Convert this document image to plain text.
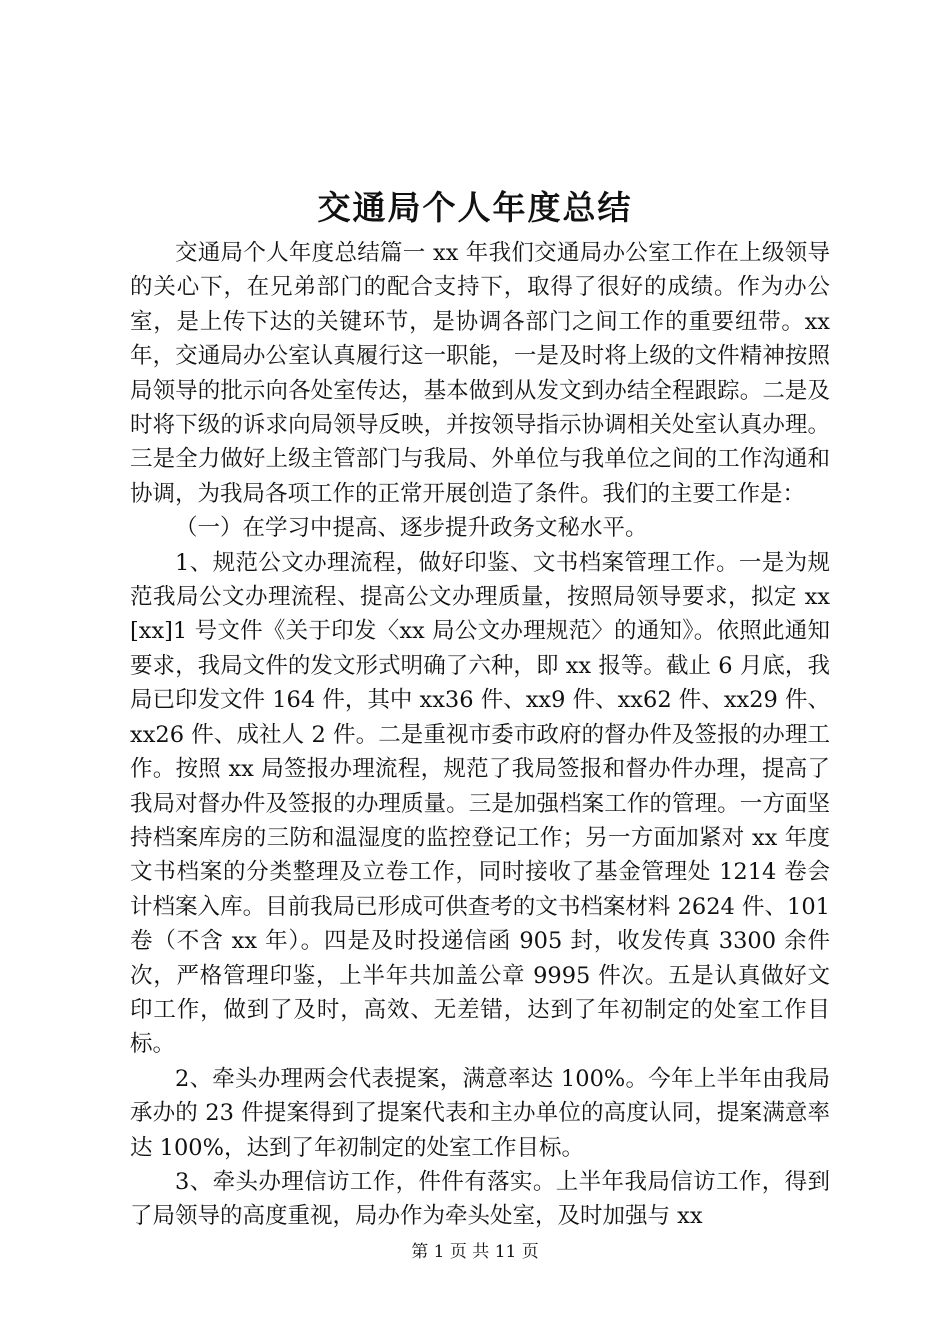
交通局个人年度总结

交通局个人年度总结篇一 xx 年我们交通局办公室工作在上级领导的关心下，在兄弟部门的配合支持下，取得了很好的成绩。作为办公室，是上传下达的关键环节，是协调各部门之间工作的重要纽带。xx 年，交通局办公室认真履行这一职能，一是及时将上级的文件精神按照局领导的批示向各处室传达，基本做到从发文到办结全程跟踪。二是及时将下级的诉求向局领导反映，并按领导指示协调相关处室认真办理。三是全力做好上级主管部门与我局、外单位与我单位之间的工作沟通和协调，为我局各项工作的正常开展创造了条件。我们的主要工作是：

（一）在学习中提高、逐步提升政务文秘水平。

1、规范公文办理流程，做好印鉴、文书档案管理工作。一是为规范我局公文办理流程、提高公文办理质量，按照局领导要求，拟定 xx[xx]1 号文件《关于印发〈xx 局公文办理规范〉的通知》。依照此通知要求，我局文件的发文形式明确了六种，即 xx 报等。截止 6 月底，我局已印发文件 164 件，其中 xx36 件、xx9 件、xx62 件、xx29 件、xx26 件、成社人 2 件。二是重视市委市政府的督办件及签报的办理工作。按照 xx 局签报办理流程，规范了我局签报和督办件办理，提高了我局对督办件及签报的办理质量。三是加强档案工作的管理。一方面坚持档案库房的三防和温湿度的监控登记工作；另一方面加紧对 xx 年度文书档案的分类整理及立卷工作，同时接收了基金管理处 1214 卷会计档案入库。目前我局已形成可供查考的文书档案材料 2624 件、101 卷（不含 xx 年）。四是及时投递信函 905 封，收发传真 3300 余件次，严格管理印鉴，上半年共加盖公章 9995 件次。五是认真做好文印工作，做到了及时，高效、无差错，达到了年初制定的处室工作目标。

2、牵头办理两会代表提案，满意率达 100%。今年上半年由我局承办的 23 件提案得到了提案代表和主办单位的高度认同，提案满意率达 100%，达到了年初制定的处室工作目标。

3、牵头办理信访工作，件件有落实。上半年我局信访工作，得到了局领导的高度重视，局办作为牵头处室，及时加强与 xx

第 1 页 共 11 页
